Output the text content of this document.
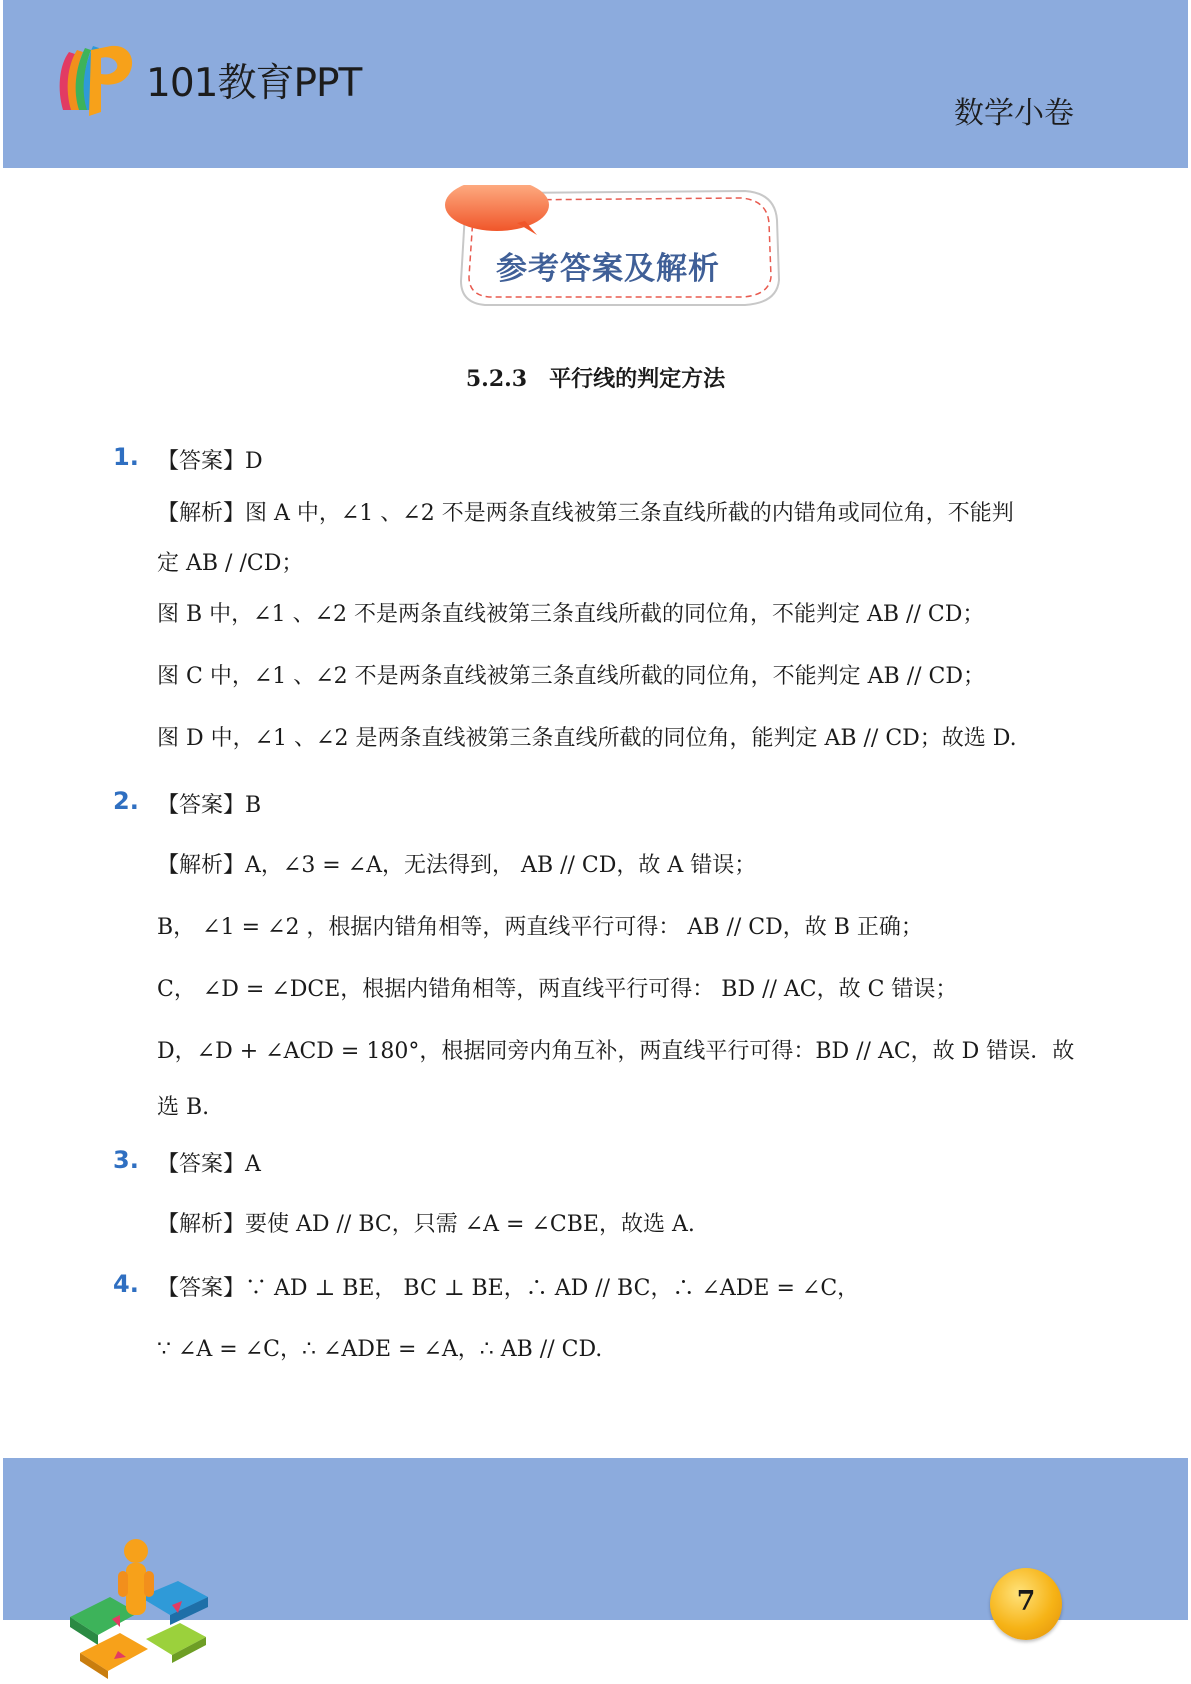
101教育PPT
数学小卷
参考答案及解析
5.2.3　平行线的判定方法
1. 【答案】D
【解析】图 A 中，∠1 、∠2 不是两条直线被第三条直线所截的内错角或同位角，不能判
定 AB / /CD；
图 B 中，∠1 、∠2 不是两条直线被第三条直线所截的同位角，不能判定 AB // CD；
图 C 中，∠1 、∠2 不是两条直线被第三条直线所截的同位角，不能判定 AB // CD；
图 D 中，∠1 、∠2 是两条直线被第三条直线所截的同位角，能判定 AB // CD；故选 D.
2. 【答案】B
【解析】A，∠3 = ∠A，无法得到， AB // CD，故 A 错误；
B， ∠1 = ∠2 ，根据内错角相等，两直线平行可得： AB // CD，故 B 正确；
C， ∠D = ∠DCE，根据内错角相等，两直线平行可得： BD // AC，故 C 错误；
D，∠D + ∠ACD = 180°，根据同旁内角互补，两直线平行可得：BD // AC，故 D 错误．故
选 B.
3. 【答案】A
【解析】要使 AD // BC，只需 ∠A = ∠CBE，故选 A.
4. 【答案】∵ AD ⊥ BE， BC ⊥ BE，∴ AD // BC，∴ ∠ADE = ∠C，
∵ ∠A = ∠C，∴ ∠ADE = ∠A，∴ AB // CD.
7
